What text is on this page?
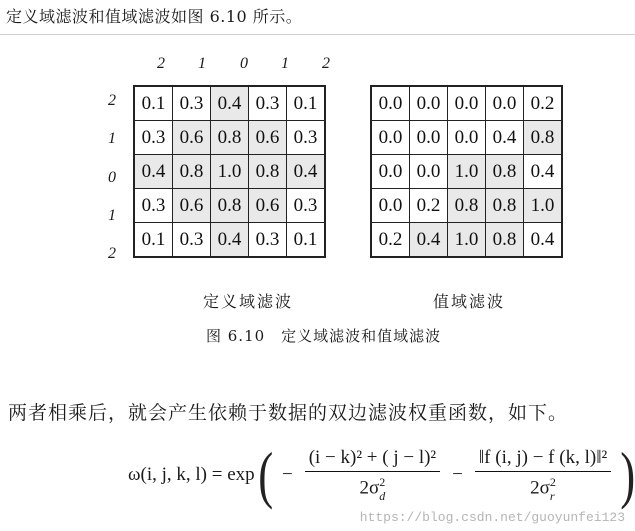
定义域滤波和值域滤波如图 6.10 所示。
2	1	0	1	2
2
1
0
1
2
0.1	0.3	0.4	0.3	0.1
0.3	0.6	0.8	0.6	0.3
0.4	0.8	1.0	0.8	0.4
0.3	0.6	0.8	0.6	0.3
0.1	0.3	0.4	0.3	0.1
0.0	0.0	0.0	0.0	0.2
0.0	0.0	0.0	0.4	0.8
0.0	0.0	1.0	0.8	0.4
0.0	0.2	0.8	0.8	1.0
0.2	0.4	1.0	0.8	0.4
定义域滤波	值域滤波
图 6.10　定义域滤波和值域滤波
两者相乘后，就会产生依赖于数据的双边滤波权重函数，如下。
ω(i, j, k, l) = exp ( − (i − k)² + ( j − l)²
2σ 2
d − ‖f (i, j) − f (k, l)‖²
2σ 2
r )
https://blog.csdn.net/guoyunfei123
